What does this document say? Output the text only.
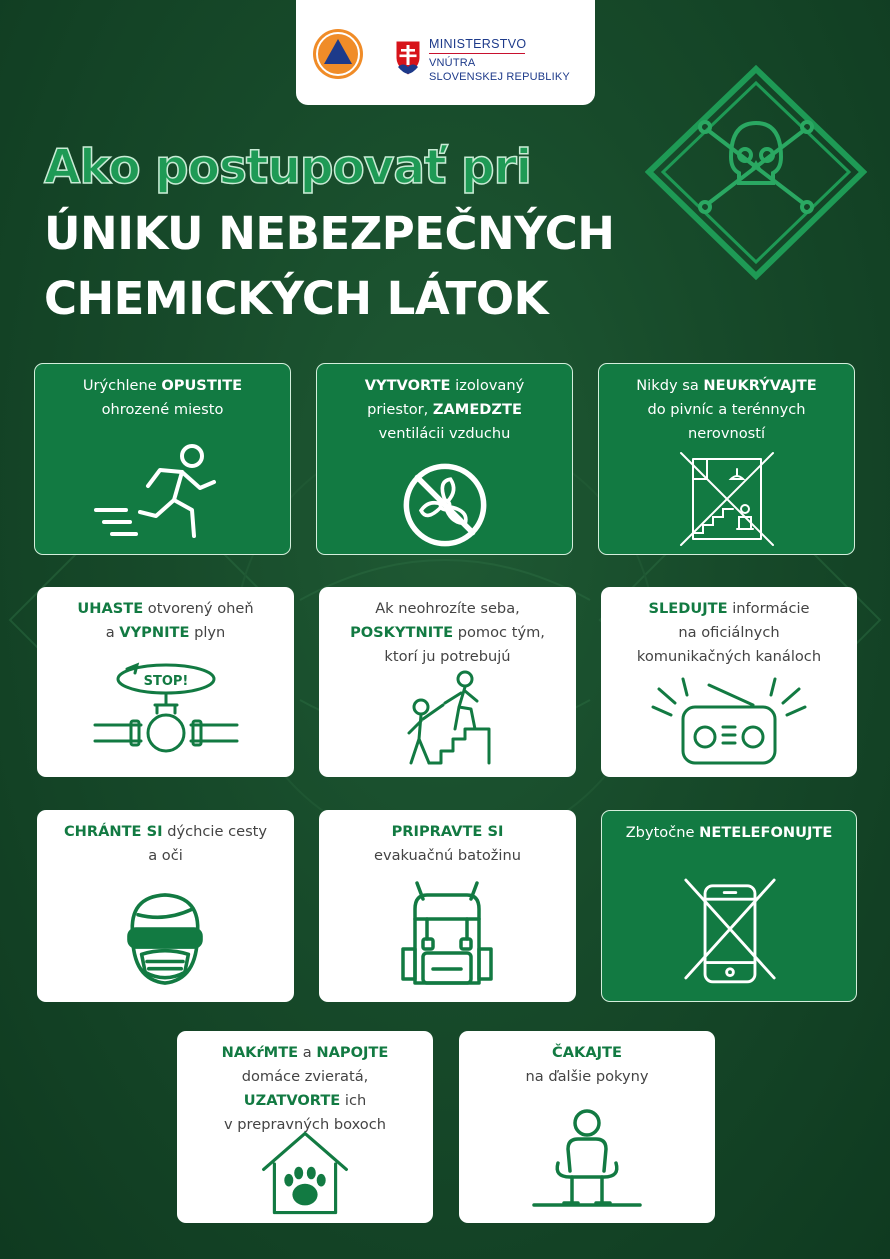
MINISTERSTVO
VNÚTRA
SLOVENSKEJ REPUBLIKY
Ako postupovať pri
ÚNIKU NEBEZPEČNÝCH
CHEMICKÝCH LÁTOK
Urýchlene OPUSTITE
ohrozené miesto
VYTVORTE izolovaný
priestor, ZAMEDZTE
ventilácii vzduchu
Nikdy sa NEUKRÝVAJTE
do pivníc a terénnych
nerovností
UHASTE otvorený oheň
a VYPNITE plyn
STOP!
Ak neohrozíte seba,
POSKYTNITE pomoc tým,
ktorí ju potrebujú
SLEDUJTE informácie
na oficiálnych
komunikačných kanáloch
CHRÁNTE SI dýchcie cesty
a oči
PRIPRAVTE SI
evakuačnú batožinu
Zbytočne NETELEFONUJTE
NAKŕMTE a NAPOJTE
domáce zvieratá,
UZATVORTE ich
v prepravných boxoch
ČAKAJTE
na ďalšie pokyny
